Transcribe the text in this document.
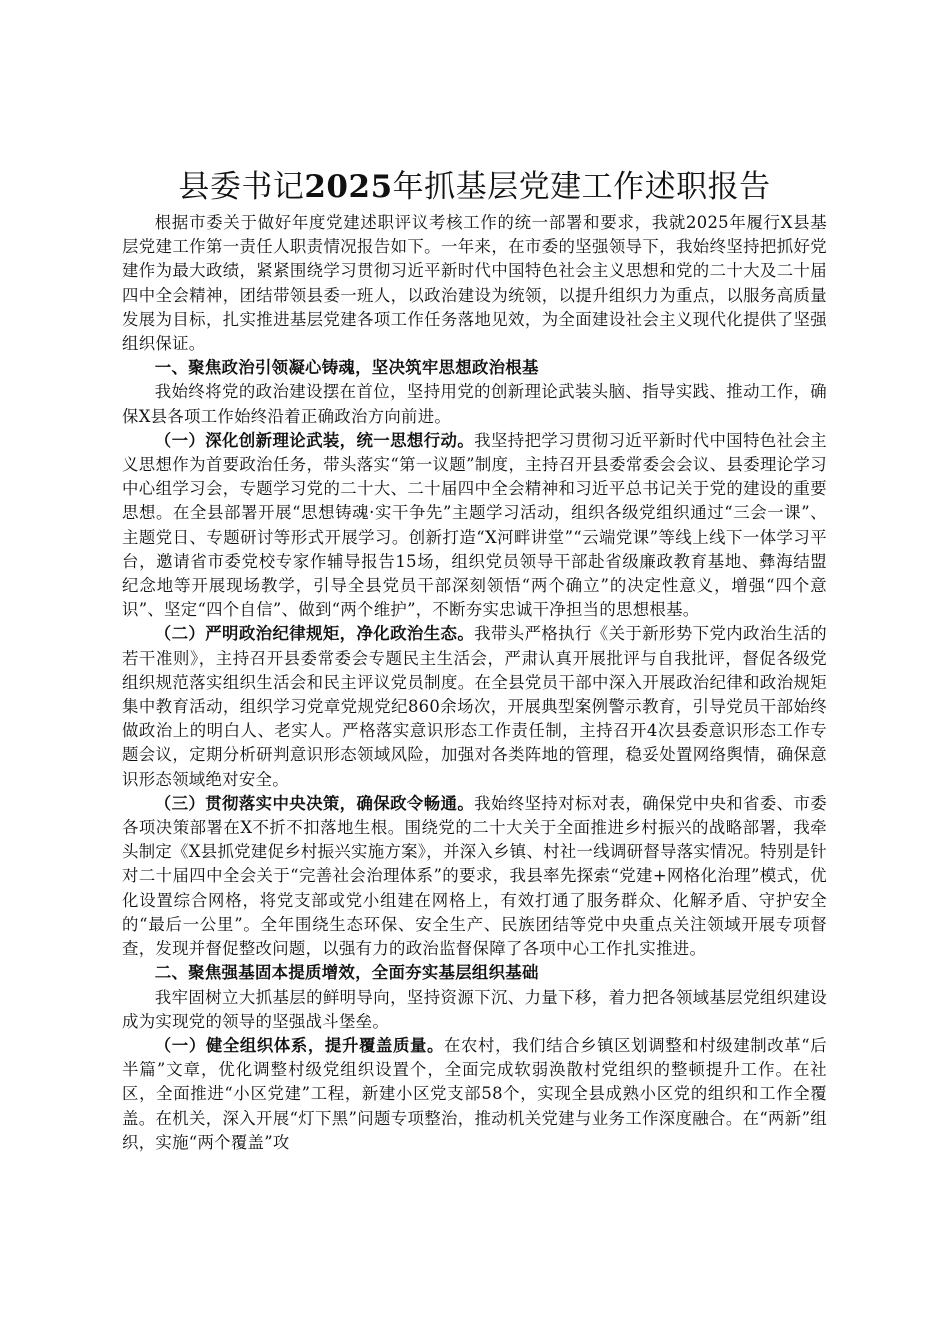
县委书记2025年抓基层党建工作述职报告

根据市委关于做好年度党建述职评议考核工作的统一部署和要求，我就2025年履行X县基层党建工作第一责任人职责情况报告如下。一年来，在市委的坚强领导下，我始终坚持把抓好党建作为最大政绩，紧紧围绕学习贯彻习近平新时代中国特色社会主义思想和党的二十大及二十届四中全会精神，团结带领县委一班人，以政治建设为统领，以提升组织力为重点，以服务高质量发展为目标，扎实推进基层党建各项工作任务落地见效，为全面建设社会主义现代化提供了坚强组织保证。

一、聚焦政治引领凝心铸魂，坚决筑牢思想政治根基

我始终将党的政治建设摆在首位，坚持用党的创新理论武装头脑、指导实践、推动工作，确保X县各项工作始终沿着正确政治方向前进。

（一）深化创新理论武装，统一思想行动。我坚持把学习贯彻习近平新时代中国特色社会主义思想作为首要政治任务，带头落实“第一议题”制度，主持召开县委常委会会议、县委理论学习中心组学习会，专题学习党的二十大、二十届四中全会精神和习近平总书记关于党的建设的重要思想。在全县部署开展“思想铸魂·实干争先”主题学习活动，组织各级党组织通过“三会一课”、主题党日、专题研讨等形式开展学习。创新打造“X河畔讲堂”“云端党课”等线上线下一体学习平台，邀请省市委党校专家作辅导报告15场，组织党员领导干部赴省级廉政教育基地、彝海结盟纪念地等开展现场教学，引导全县党员干部深刻领悟“两个确立”的决定性意义，增强“四个意识”、坚定“四个自信”、做到“两个维护”，不断夯实忠诚干净担当的思想根基。

（二）严明政治纪律规矩，净化政治生态。我带头严格执行《关于新形势下党内政治生活的若干准则》，主持召开县委常委会专题民主生活会，严肃认真开展批评与自我批评，督促各级党组织规范落实组织生活会和民主评议党员制度。在全县党员干部中深入开展政治纪律和政治规矩集中教育活动，组织学习党章党规党纪860余场次，开展典型案例警示教育，引导党员干部始终做政治上的明白人、老实人。严格落实意识形态工作责任制，主持召开4次县委意识形态工作专题会议，定期分析研判意识形态领域风险，加强对各类阵地的管理，稳妥处置网络舆情，确保意识形态领域绝对安全。

（三）贯彻落实中央决策，确保政令畅通。我始终坚持对标对表，确保党中央和省委、市委各项决策部署在X不折不扣落地生根。围绕党的二十大关于全面推进乡村振兴的战略部署，我牵头制定《X县抓党建促乡村振兴实施方案》，并深入乡镇、村社一线调研督导落实情况。特别是针对二十届四中全会关于“完善社会治理体系”的要求，我县率先探索“党建+网格化治理”模式，优化设置综合网格，将党支部或党小组建在网格上，有效打通了服务群众、化解矛盾、守护安全的“最后一公里”。全年围绕生态环保、安全生产、民族团结等党中央重点关注领域开展专项督查，发现并督促整改问题，以强有力的政治监督保障了各项中心工作扎实推进。

二、聚焦强基固本提质增效，全面夯实基层组织基础

我牢固树立大抓基层的鲜明导向，坚持资源下沉、力量下移，着力把各领域基层党组织建设成为实现党的领导的坚强战斗堡垒。

（一）健全组织体系，提升覆盖质量。在农村，我们结合乡镇区划调整和村级建制改革“后半篇”文章，优化调整村级党组织设置个，全面完成软弱涣散村党组织的整顿提升工作。在社区，全面推进“小区党建”工程，新建小区党支部58个，实现全县成熟小区党的组织和工作全覆盖。在机关，深入开展“灯下黑”问题专项整治，推动机关党建与业务工作深度融合。在“两新”组织，实施“两个覆盖”攻
